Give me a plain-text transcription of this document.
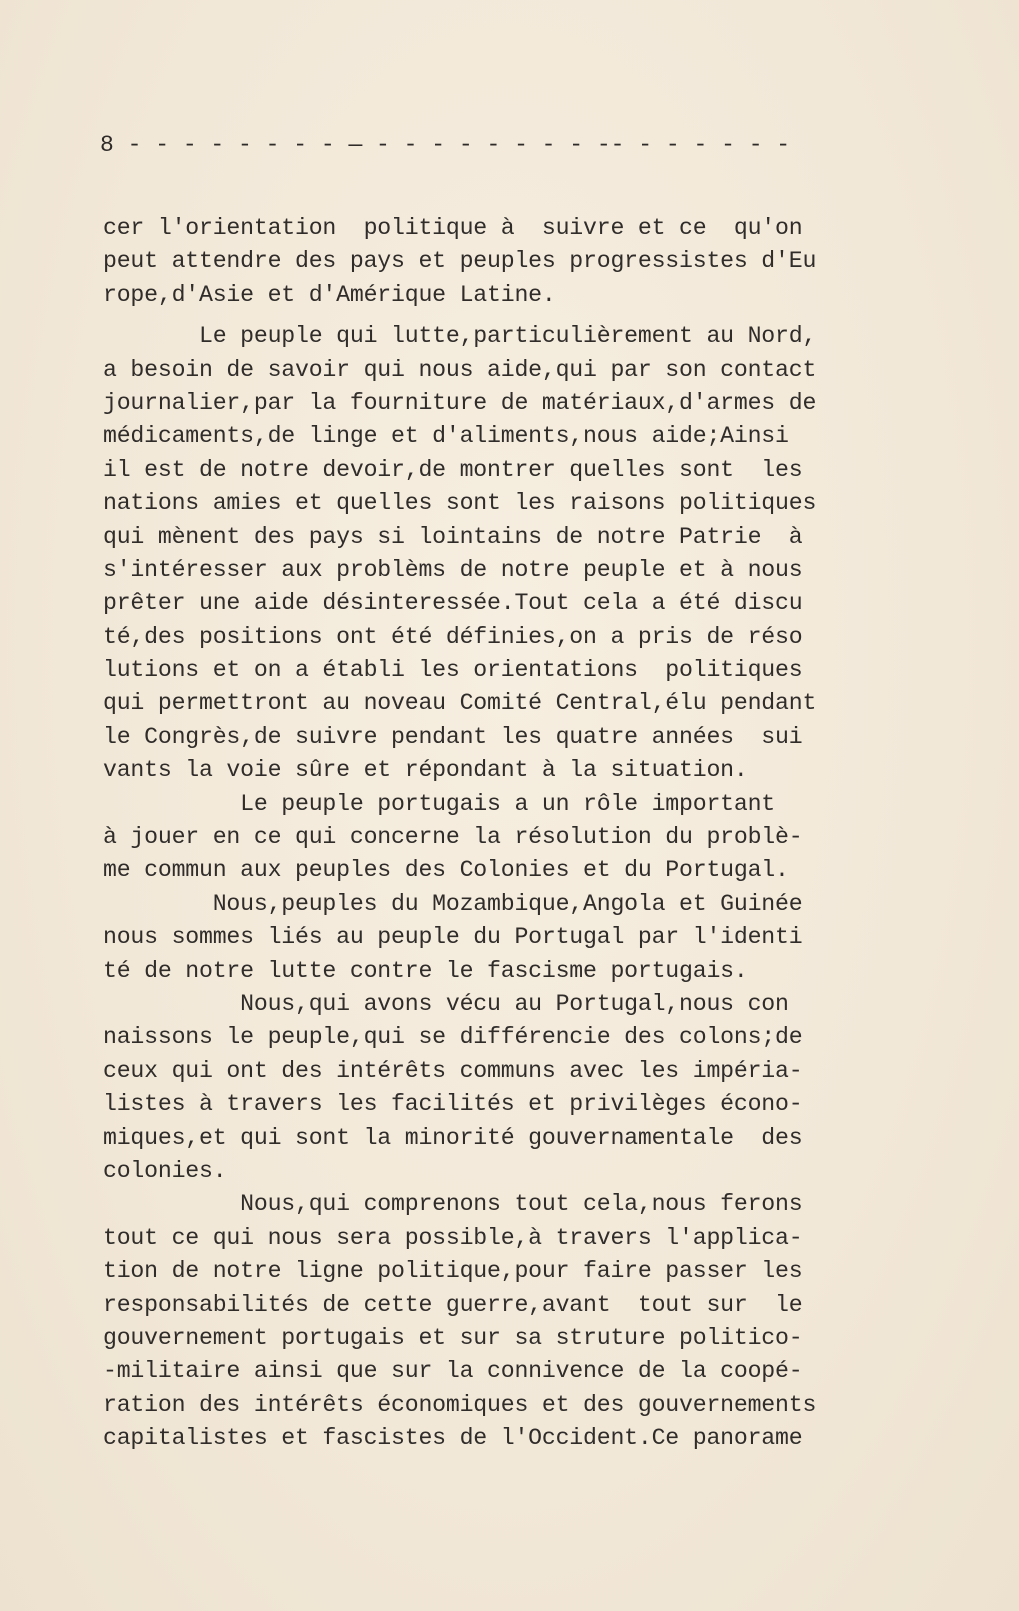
8 - - - - - - - - — - - - - - - - - -- - - - - - -
cer l'orientation  politique à  suivre et ce  qu'on
peut attendre des pays et peuples progressistes d'Eu
rope,d'Asie et d'Amérique Latine.
Le peuple qui lutte,particulièrement au Nord,
a besoin de savoir qui nous aide,qui par son contact
journalier,par la fourniture de matériaux,d'armes de
médicaments,de linge et d'aliments,nous aide;Ainsi
il est de notre devoir,de montrer quelles sont  les
nations amies et quelles sont les raisons politiques
qui mènent des pays si lointains de notre Patrie  à
s'intéresser aux problèms de notre peuple et à nous
prêter une aide désinteressée.Tout cela a été discu
té,des positions ont été définies,on a pris de réso
lutions et on a établi les orientations  politiques
qui permettront au noveau Comité Central,élu pendant
le Congrès,de suivre pendant les quatre années  sui
vants la voie sûre et répondant à la situation.
Le peuple portugais a un rôle important
à jouer en ce qui concerne la résolution du problè-
me commun aux peuples des Colonies et du Portugal.
Nous,peuples du Mozambique,Angola et Guinée
nous sommes liés au peuple du Portugal par l'identi
té de notre lutte contre le fascisme portugais.
Nous,qui avons vécu au Portugal,nous con
naissons le peuple,qui se différencie des colons;de
ceux qui ont des intérêts communs avec les impéria-
listes à travers les facilités et privilèges écono-
miques,et qui sont la minorité gouvernamentale  des
colonies.
Nous,qui comprenons tout cela,nous ferons
tout ce qui nous sera possible,à travers l'applica-
tion de notre ligne politique,pour faire passer les
responsabilités de cette guerre,avant  tout sur  le
gouvernement portugais et sur sa struture politico-
-militaire ainsi que sur la connivence de la coopé-
ration des intérêts économiques et des gouvernements
capitalistes et fascistes de l'Occident.Ce panorame
